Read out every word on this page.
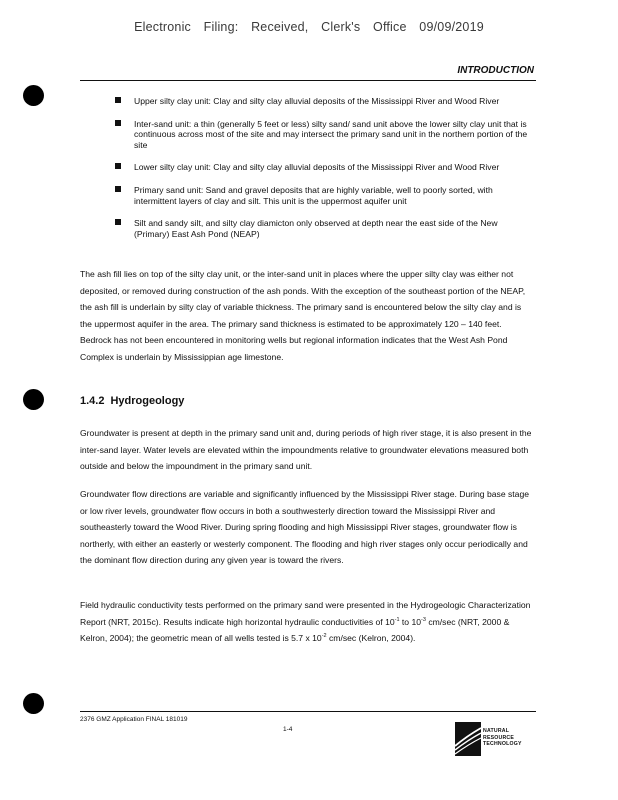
Electronic Filing: Received, Clerk's Office 09/09/2019
INTRODUCTION
Upper silty clay unit: Clay and silty clay alluvial deposits of the Mississippi River and Wood River
Inter-sand unit: a thin (generally 5 feet or less) silty sand/ sand unit above the lower silty clay unit that is continuous across most of the site and may intersect the primary sand unit in the northern portion of the site
Lower silty clay unit: Clay and silty clay alluvial deposits of the Mississippi River and Wood River
Primary sand unit: Sand and gravel deposits that are highly variable, well to poorly sorted, with intermittent layers of clay and silt. This unit is the uppermost aquifer unit
Silt and sandy silt, and silty clay diamicton only observed at depth near the east side of the New (Primary) East Ash Pond (NEAP)

The ash fill lies on top of the silty clay unit, or the inter-sand unit in places where the upper silty clay was either not deposited, or removed during construction of the ash ponds. With the exception of the southeast portion of the NEAP, the ash fill is underlain by silty clay of variable thickness. The primary sand is encountered below the silty clay and is the uppermost aquifer in the area. The primary sand thickness is estimated to be approximately 120 – 140 feet. Bedrock has not been encountered in monitoring wells but regional information indicates that the West Ash Pond Complex is underlain by Mississippian age limestone.

1.4.2 Hydrogeology

Groundwater is present at depth in the primary sand unit and, during periods of high river stage, it is also present in the inter-sand layer. Water levels are elevated within the impoundments relative to groundwater elevations measured both outside and below the impoundment in the primary sand unit.

Groundwater flow directions are variable and significantly influenced by the Mississippi River stage. During base stage or low river levels, groundwater flow occurs in both a southwesterly direction toward the Mississippi River and southeasterly toward the Wood River. During spring flooding and high Mississippi River stages, groundwater flow is northerly, with either an easterly or westerly component. The flooding and high river stages only occur periodically and the dominant flow direction during any given year is toward the rivers.

Field hydraulic conductivity tests performed on the primary sand were presented in the Hydrogeologic Characterization Report (NRT, 2015c). Results indicate high horizontal hydraulic conductivities of $10^{-1}$ to $10^{-3}$ cm/sec (NRT, 2000 & Kelron, 2004); the geometric mean of all wells tested is 5.7 x $10^{-2}$ cm/sec (Kelron, 2004).

2376 GMZ Application FINAL 181019
1-4	NATURAL
RESOURCE
TECHNOLOGY
